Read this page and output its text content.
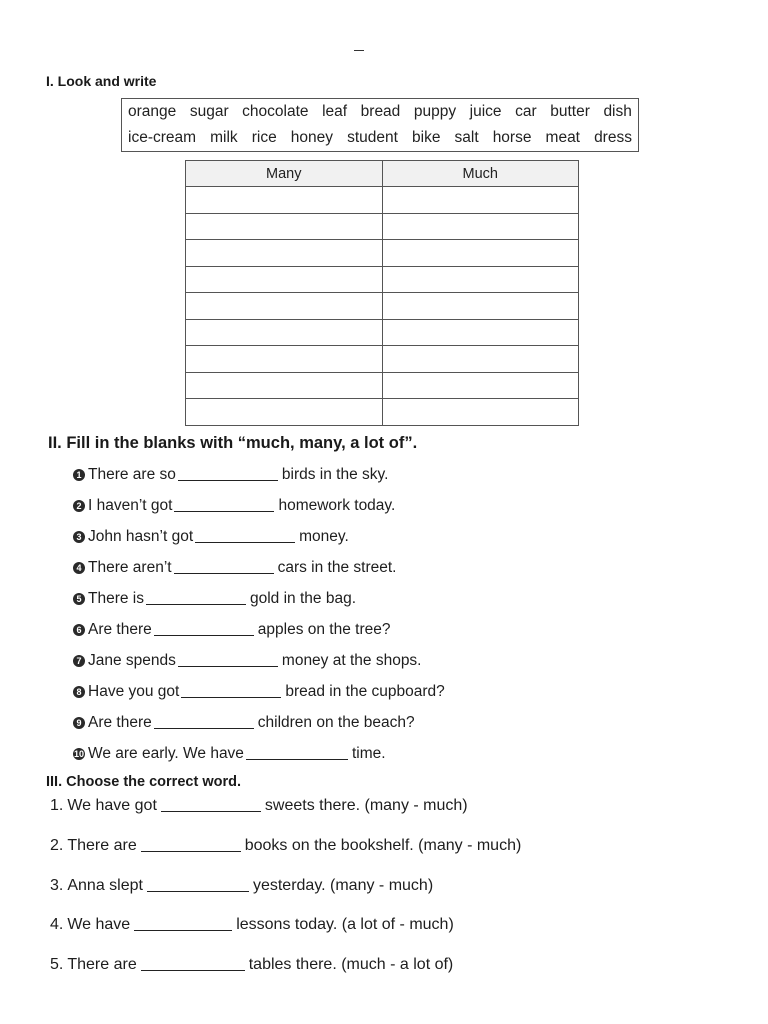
I. Look and write
orange sugar chocolate leaf bread puppy juice car butter dish
ice-cream milk rice honey student bike salt horse meat dress
Many	Much

II. Fill in the blanks with “much, many, a lot of”.
1 There are so	birds in the sky.
2 I haven’t got	homework today.
3 John hasn’t got	money.
4 There aren’t	cars in the street.
5 There is	gold in the bag.
6 Are there	apples on the tree?
7 Jane spends	money at the shops.
8 Have you got	bread in the cupboard?
9 Are there	children on the beach?
10 We are early. We have	time.
III. Choose the correct word.
1. We have got	sweets there. (many - much)
2. There are	books on the bookshelf. (many - much)
3. Anna slept	yesterday. (many - much)
4. We have	lessons today. (a lot of - much)
5. There are	tables there. (much - a lot of)
